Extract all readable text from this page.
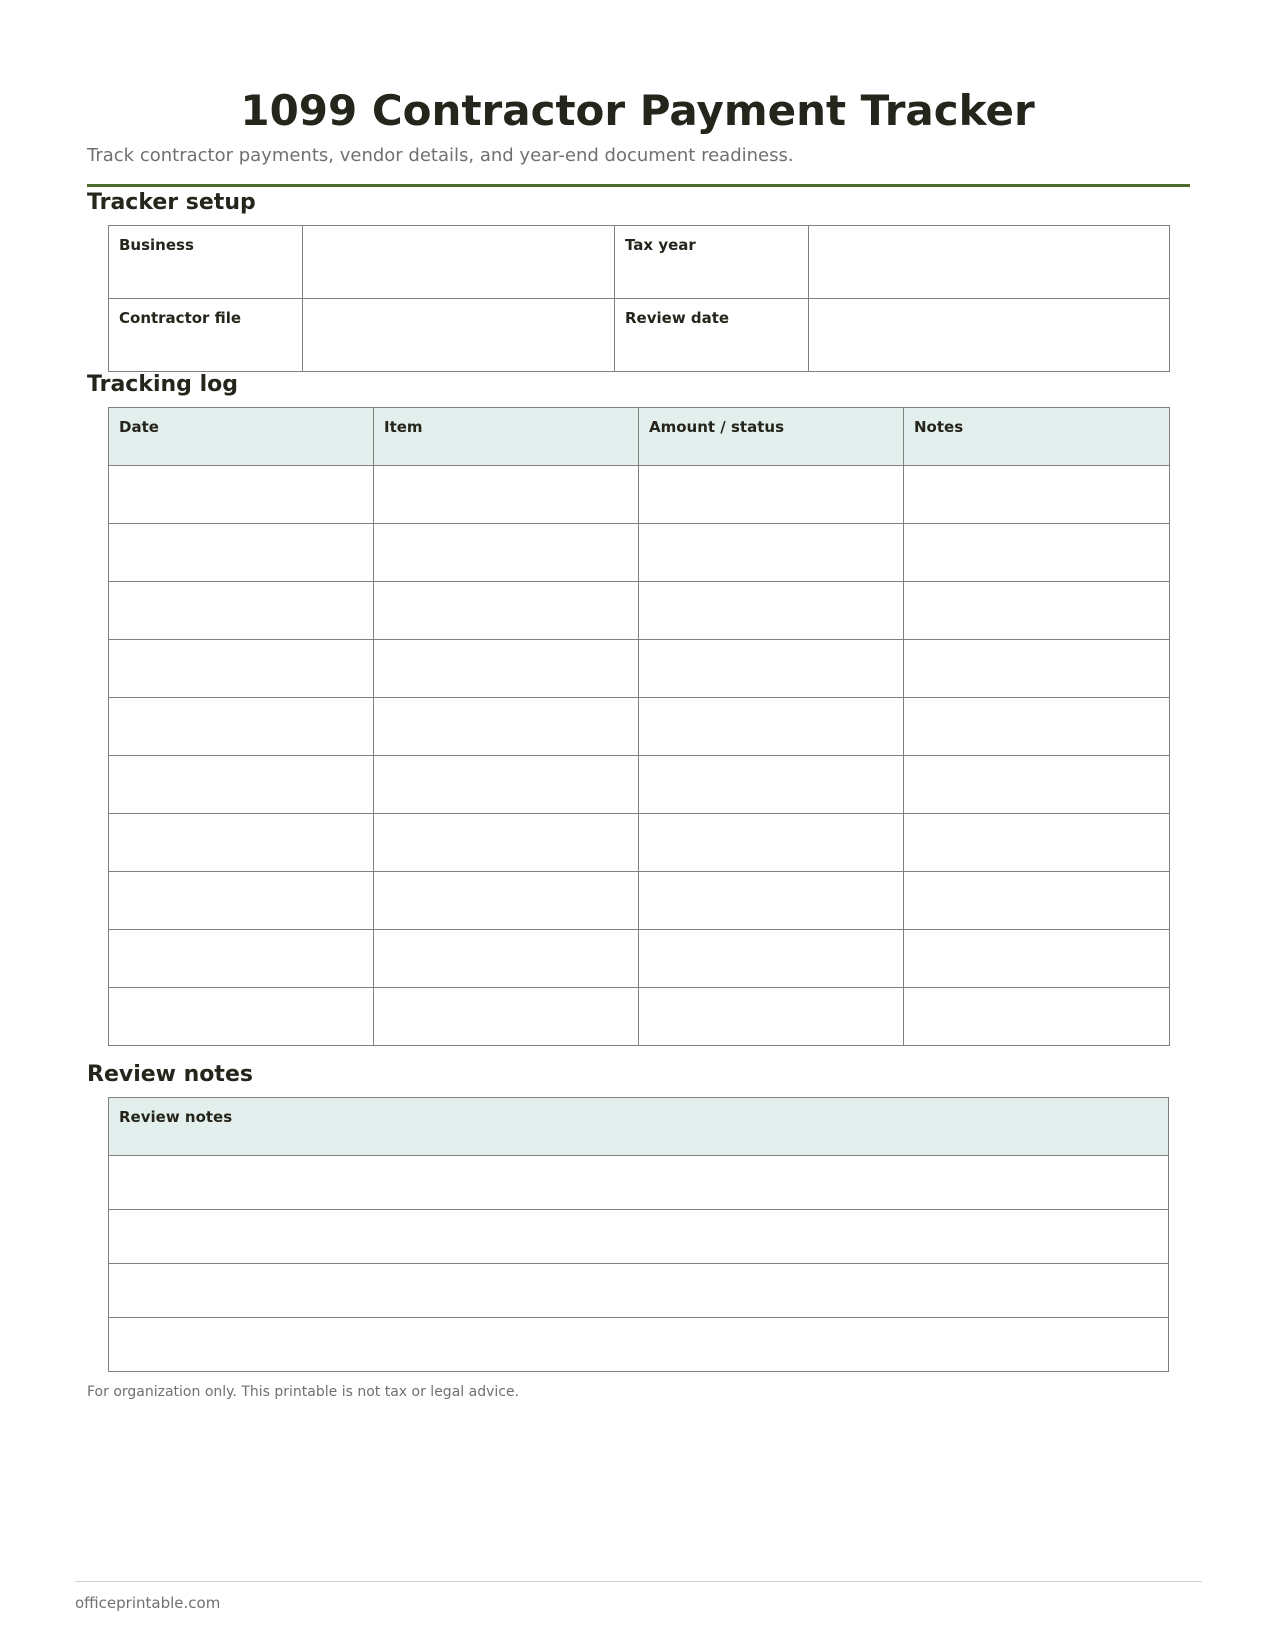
1099 Contractor Payment Tracker
Track contractor payments, vendor details, and year-end document readiness.
Tracker setup
Business		Tax year	
Contractor file		Review date	
Tracking log
Date	Item	Amount / status	Notes

Review notes
Review notes

For organization only. This printable is not tax or legal advice.
officeprintable.com
